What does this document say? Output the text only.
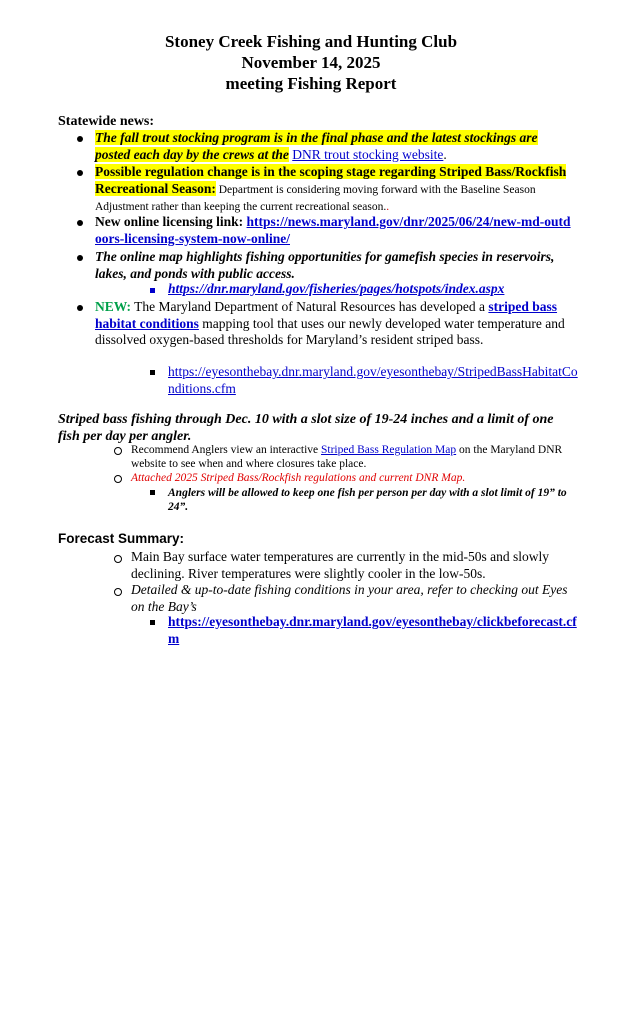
Stoney Creek Fishing and Hunting Club
November 14, 2025
meeting Fishing Report
Statewide news:
The fall trout stocking program is in the final phase and the latest stockings are posted each day by the crews at the DNR trout stocking website.
Possible regulation change is in the scoping stage regarding Striped Bass/Rockfish Recreational Season: Department is considering moving forward with the Baseline Season Adjustment rather than keeping the current recreational season..
New online licensing link: https://news.maryland.gov/dnr/2025/06/24/new-md-outdoors-licensing-system-now-online/
The online map highlights fishing opportunities for gamefish species in reservoirs, lakes, and ponds with public access.
https://dnr.maryland.gov/fisheries/pages/hotspots/index.aspx
NEW: The Maryland Department of Natural Resources has developed a striped bass habitat conditions mapping tool that uses our newly developed water temperature and dissolved oxygen-based thresholds for Maryland’s resident striped bass.
https://eyesonthebay.dnr.maryland.gov/eyesonthebay/StripedBassHabitatConditions.cfm
Striped bass fishing through Dec. 10 with a slot size of 19-24 inches and a limit of one fish per day per angler.
Recommend Anglers view an interactive Striped Bass Regulation Map on the Maryland DNR website to see when and where closures take place.
Attached 2025 Striped Bass/Rockfish regulations and current DNR Map.
Anglers will be allowed to keep one fish per person per day with a slot limit of 19” to 24”.
Forecast Summary:
Main Bay surface water temperatures are currently in the mid-50s and slowly declining. River temperatures were slightly cooler in the low-50s.
Detailed & up-to-date fishing conditions in your area, refer to checking out Eyes on the Bay’s
https://eyesonthebay.dnr.maryland.gov/eyesonthebay/clickbeforecast.cfm
